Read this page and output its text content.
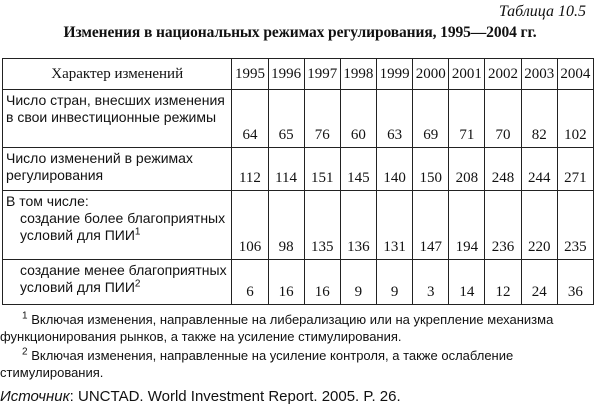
Таблица 10.5
Изменения в национальных режимах регулирования, 1995—2004 гг.
Характер изменений	1995	1996	1997	1998	1999	2000	2001	2002	2003	2004
Число стран, внесших изменения в свои инвестиционные режимы	64	65	76	60	63	69	71	70	82	102
Число изменений в режимах регулирования	112	114	151	145	140	150	208	248	244	271
В том числе:
создание более благоприятных условий для ПИИ$^1$	106	98	135	136	131	147	194	236	220	235

создание менее благоприятных условий для ПИИ$^2$	6	16	16	9	9	3	14	12	24	36

$^1$ Включая изменения, направленные на либерализацию или на укрепление механизма функционирования рынков, а также на усиление стимулирования.

$^2$ Включая изменения, направленные на усиление контроля, а также ослабление стимулирования.

Источник: UNCTAD. World Investment Report. 2005. P. 26.
